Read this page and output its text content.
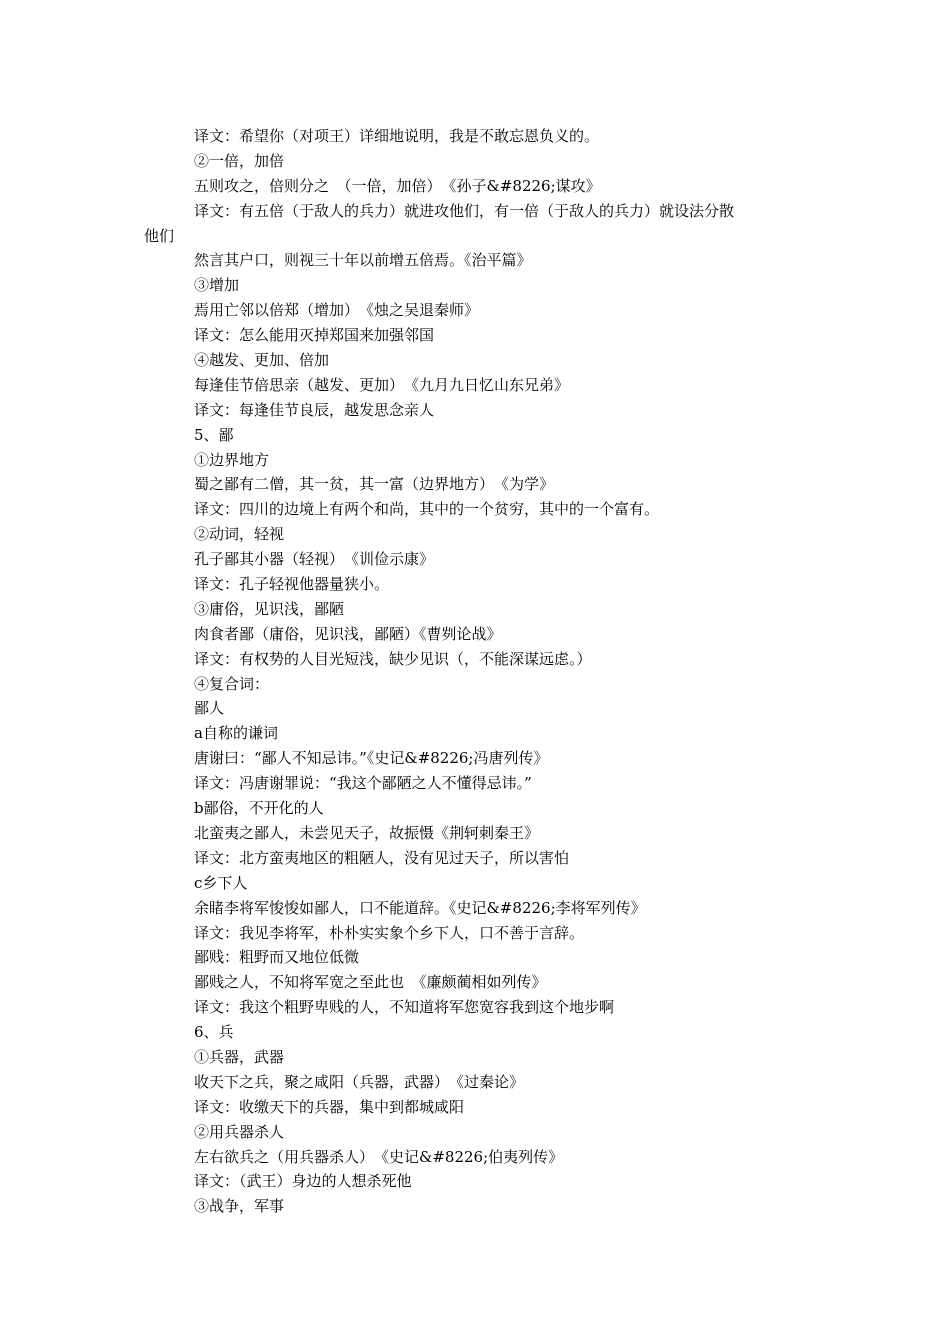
译文：希望你（对项王）详细地说明，我是不敢忘恩负义的。
②一倍，加倍
五则攻之，倍则分之　（一倍，加倍）　《孙子&#8226;谋攻》
译文：有五倍（于敌人的兵力）就进攻他们，有一倍（于敌人的兵力）就设法分散
他们
然言其户口，则视三十年以前增五倍焉。《治平篇》
③增加
焉用亡邻以倍郑（增加）　《烛之吴退秦师》
译文：怎么能用灭掉郑国来加强邻国
④越发、更加、倍加
每逢佳节倍思亲（越发、更加）　《九月九日忆山东兄弟》
译文：每逢佳节良辰，越发思念亲人
5、鄙
①边界地方
蜀之鄙有二僧，其一贫，其一富（边界地方）　《为学》
译文：四川的边境上有两个和尚，其中的一个贫穷，其中的一个富有。
②动词，轻视
孔子鄙其小器（轻视）　《训俭示康》
译文：孔子轻视他器量狭小。
③庸俗，见识浅，鄙陋
肉食者鄙（庸俗，见识浅，鄙陋）《曹刿论战》
译文：有权势的人目光短浅，缺少见识（，不能深谋远虑。）
④复合词：
鄙人
a自称的谦词
唐谢曰：“鄙人不知忌讳。”《史记&#8226;冯唐列传》
译文：冯唐谢罪说：“我这个鄙陋之人不懂得忌讳。”
b鄙俗，不开化的人
北蛮夷之鄙人，未尝见天子，故振慑《荆轲刺秦王》
译文：北方蛮夷地区的粗陋人，没有见过天子，所以害怕
c乡下人
余睹李将军悛悛如鄙人，口不能道辞。《史记&#8226;李将军列传》
译文：我见李将军，朴朴实实象个乡下人，口不善于言辞。
鄙贱：粗野而又地位低微
鄙贱之人，不知将军宽之至此也　《廉颇蔺相如列传》
译文：我这个粗野卑贱的人，不知道将军您宽容我到这个地步啊
6、兵
①兵器，武器
收天下之兵，聚之咸阳（兵器，武器）　《过秦论》
译文：收缴天下的兵器，集中到都城咸阳
②用兵器杀人
左右欲兵之（用兵器杀人）　《史记&#8226;伯夷列传》
译文：（武王）身边的人想杀死他
③战争，军事
